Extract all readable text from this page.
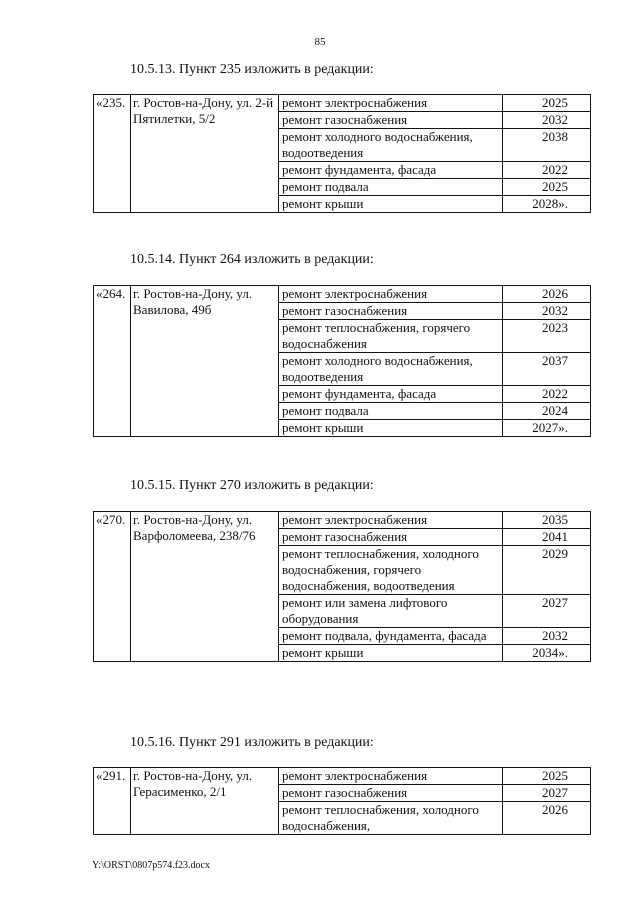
85
10.5.13. Пункт 235 изложить в редакции:
«235.	г. Ростов-на-Дону, ул. 2-й Пятилетки, 5/2	ремонт электроснабжения	2025
		ремонт газоснабжения	2032
		ремонт холодного водоснабжения, водоотведения	2038
		ремонт фундамента, фасада	2022
		ремонт подвала	2025
		ремонт крыши	2028».
10.5.14. Пункт 264 изложить в редакции:
«264.	г. Ростов-на-Дону, ул. Вавилова, 49б	ремонт электроснабжения	2026
		ремонт газоснабжения	2032
		ремонт теплоснабжения, горячего водоснабжения	2023
		ремонт холодного водоснабжения, водоотведения	2037
		ремонт фундамента, фасада	2022
		ремонт подвала	2024
		ремонт крыши	2027».
10.5.15. Пункт 270 изложить в редакции:
«270.	г. Ростов-на-Дону, ул. Варфоломеева, 238/76	ремонт электроснабжения	2035
		ремонт газоснабжения	2041
		ремонт теплоснабжения, холодного водоснабжения, горячего водоснабжения, водоотведения	2029
		ремонт или замена лифтового оборудования	2027
		ремонт подвала, фундамента, фасада	2032
		ремонт крыши	2034».
10.5.16. Пункт 291 изложить в редакции:
«291.	г. Ростов-на-Дону, ул. Герасименко, 2/1	ремонт электроснабжения	2025
		ремонт газоснабжения	2027
		ремонт теплоснабжения, холодного водоснабжения,	2026
Y:\ORST\0807p574.f23.docx
